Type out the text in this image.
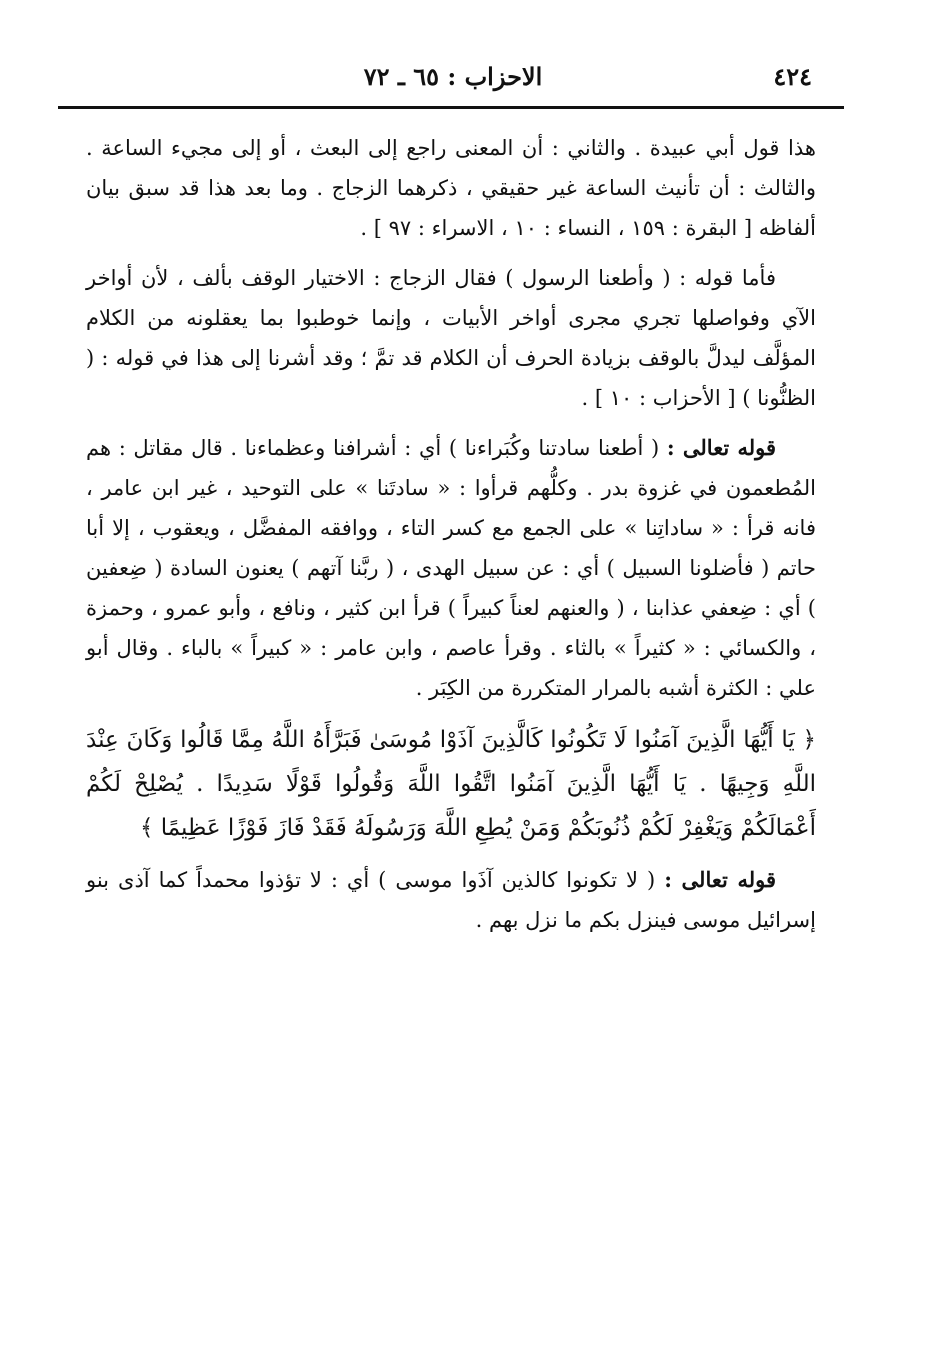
٤٢٤
الاحزاب : ٦٥ ـ ٧٢

هذا قول أبي عبيدة . والثاني : أن المعنى راجع إلى البعث ، أو إلى مجيء الساعة . والثالث : أن تأنيث الساعة غير حقيقي ، ذكرهما الزجاج . وما بعد هذا قد سبق بيان ألفاظه [ البقرة : ١٥٩ ، النساء : ١٠ ، الاسراء : ٩٧ ] .

فأما قوله : ( وأطعنا الرسول ) فقال الزجاج : الاختيار الوقف بألف ، لأن أواخر الآي وفواصلها تجري مجرى أواخر الأبيات ، وإنما خوطبوا بما يعقلونه من الكلام المؤلَّف ليدلَّ بالوقف بزيادة الحرف أن الكلام قد تمَّ ؛ وقد أشرنا إلى هذا في قوله : ( الظنُّونا ) [ الأحزاب : ١٠ ] .

قوله تعالى : ( أطعنا سادتنا وكُبَراءنا ) أي : أشرافنا وعظماءنا . قال مقاتل : هم المُطعمون في غزوة بدر . وكلُّهم قرأوا : « سادتَنا » على التوحيد ، غير ابن عامر ، فانه قرأ : « ساداتِنا » على الجمع مع كسر التاء ، ووافقه المفضَّل ، ويعقوب ، إلا أبا حاتم ( فأضلونا السبيل ) أي : عن سبيل الهدى ، ( ربَّنا آتهم ) يعنون السادة ( ضِعفين ) أي : ضِعفي عذابنا ، ( والعنهم لعناً كبيراً ) قرأ ابن كثير ، ونافع ، وأبو عمرو ، وحمزة ، والكسائي : « كثيراً » بالثاء . وقرأ عاصم ، وابن عامر : « كبيراً » بالباء . وقال أبو علي : الكثرة أشبه بالمرار المتكررة من الكِبَر .

﴿ يَا أَيُّهَا الَّذِينَ آمَنُوا لَا تَكُونُوا كَالَّذِينَ آذَوْا مُوسَىٰ فَبَرَّأَهُ اللَّهُ مِمَّا قَالُوا وَكَانَ عِنْدَ اللَّهِ وَجِيهًا . يَا أَيُّهَا الَّذِينَ آمَنُوا اتَّقُوا اللَّهَ وَقُولُوا قَوْلًا سَدِيدًا . يُصْلِحْ لَكُمْ أَعْمَالَكُمْ وَيَغْفِرْ لَكُمْ ذُنُوبَكُمْ وَمَنْ يُطِعِ اللَّهَ وَرَسُولَهُ فَقَدْ فَازَ فَوْزًا عَظِيمًا ﴾

قوله تعالى : ( لا تكونوا كالذين آذَوا موسى ) أي : لا تؤذوا محمداً كما آذى بنو إسرائيل موسى فينزل بكم ما نزل بهم .
